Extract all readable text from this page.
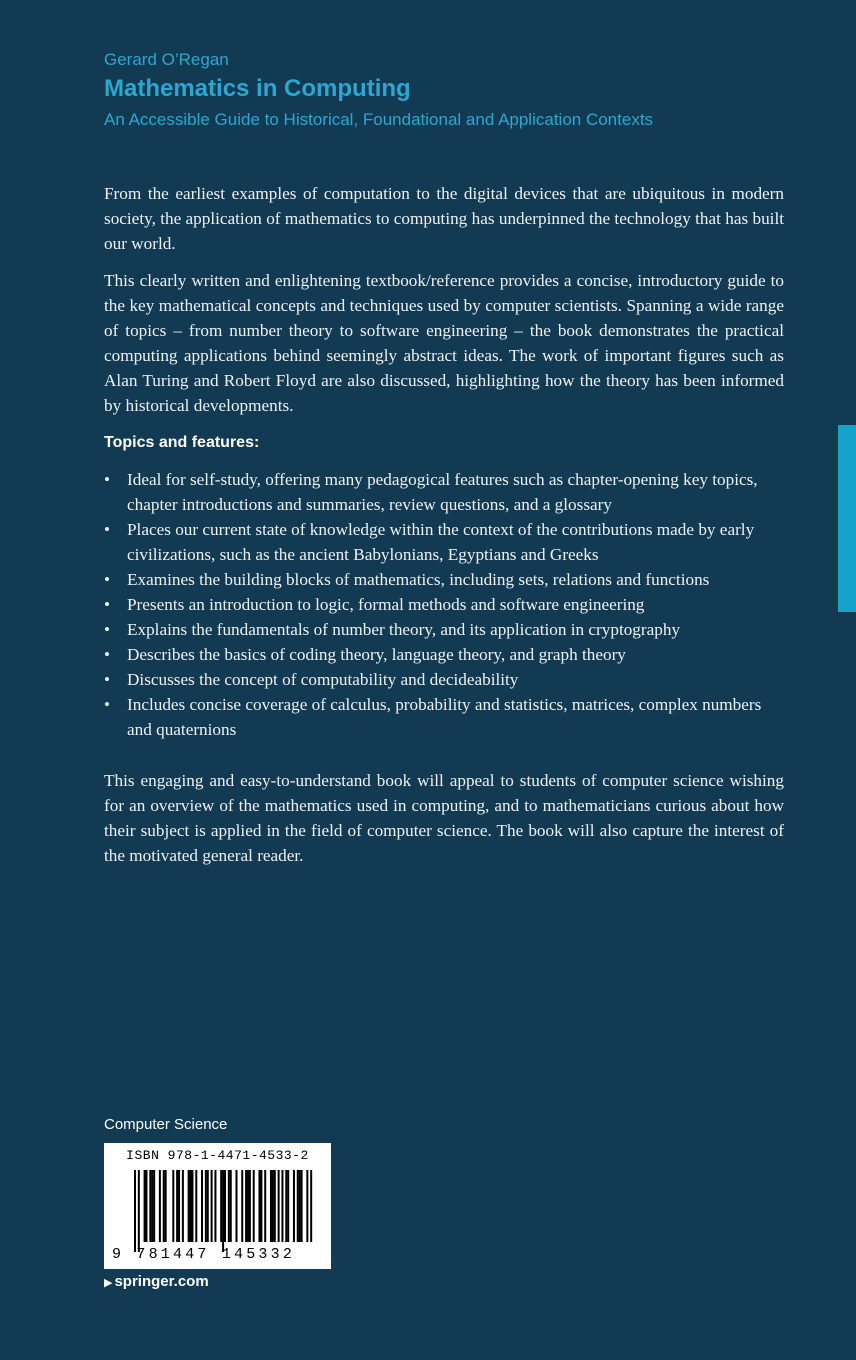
Gerard O’Regan

Mathematics in Computing

An Accessible Guide to Historical, Foundational and Application Contexts

From the earliest examples of computation to the digital devices that are ubiquitous in modern society, the application of mathematics to computing has underpinned the technology that has built our world.

This clearly written and enlightening textbook/reference provides a concise, introductory guide to the key mathematical concepts and techniques used by computer scientists. Spanning a wide range of topics – from number theory to software engineering – the book demonstrates the practical computing applications behind seemingly abstract ideas. The work of important figures such as Alan Turing and Robert Floyd are also discussed, highlighting how the theory has been informed by historical developments.

Topics and features:

• Ideal for self-study, offering many pedagogical features such as chapter-opening key topics, chapter introductions and summaries, review questions, and a glossary
• Places our current state of knowledge within the context of the contributions made by early civilizations, such as the ancient Babylonians, Egyptians and Greeks
• Examines the building blocks of mathematics, including sets, relations and functions
• Presents an introduction to logic, formal methods and software engineering
• Explains the fundamentals of number theory, and its application in cryptography
• Describes the basics of coding theory, language theory, and graph theory
• Discusses the concept of computability and decideability
• Includes concise coverage of calculus, probability and statistics, matrices, complex numbers and quaternions

This engaging and easy-to-understand book will appeal to students of computer science wishing for an overview of the mathematics used in computing, and to mathematicians curious about how their subject is applied in the field of computer science. The book will also capture the interest of the motivated general reader.

Computer Science

ISBN 978-1-4471-4533-2
9 781447 145332
▶ springer.com
